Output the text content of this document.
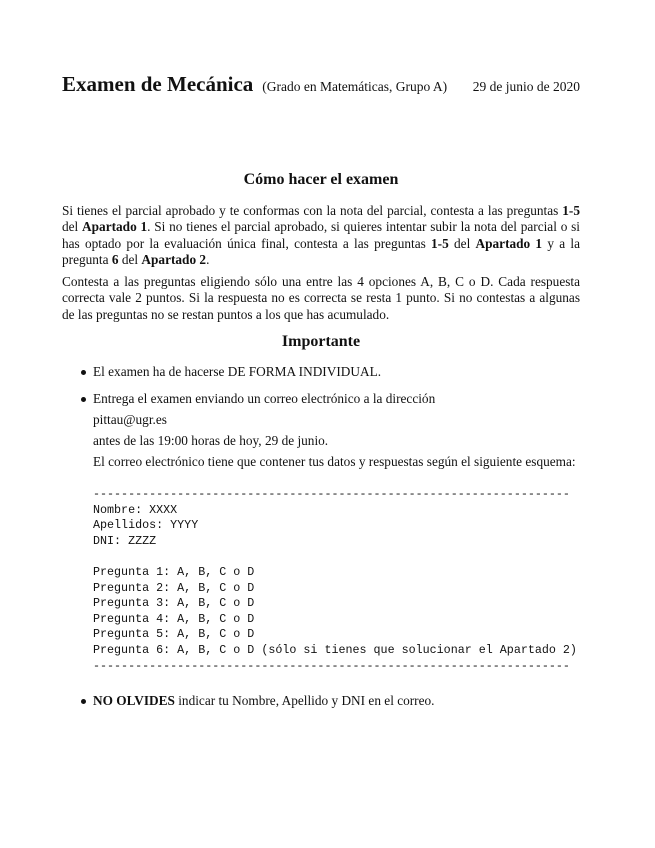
Examen de Mecánica (Grado en Matemáticas, Grupo A) 29 de junio de 2020
Cómo hacer el examen

Si tienes el parcial aprobado y te conformas con la nota del parcial, contesta a las preguntas 1-5 del Apartado 1. Si no tienes el parcial aprobado, si quieres intentar subir la nota del parcial o si has optado por la evaluación única final, contesta a las preguntas 1-5 del Apartado 1 y a la pregunta 6 del Apartado 2.

Contesta a las preguntas eligiendo sólo una entre las 4 opciones A, B, C o D. Cada respuesta correcta vale 2 puntos. Si la respuesta no es correcta se resta 1 punto. Si no contestas a algunas de las preguntas no se restan puntos a los que has acumulado.

Importante
El examen ha de hacerse DE FORMA INDIVIDUAL.
Entrega el examen enviando un correo electrónico a la dirección
pittau@ugr.es
antes de las 19:00 horas de hoy, 29 de junio.
El correo electrónico tiene que contener tus datos y respuestas según el siguiente esquema:
--------------------------------------------------------------------
Nombre: XXXX
Apellidos: YYYY
DNI: ZZZZ

Pregunta 1: A, B, C o D
Pregunta 2: A, B, C o D
Pregunta 3: A, B, C o D
Pregunta 4: A, B, C o D
Pregunta 5: A, B, C o D
Pregunta 6: A, B, C o D (sólo si tienes que solucionar el Apartado 2)
--------------------------------------------------------------------
NO OLVIDES indicar tu Nombre, Apellido y DNI en el correo.
